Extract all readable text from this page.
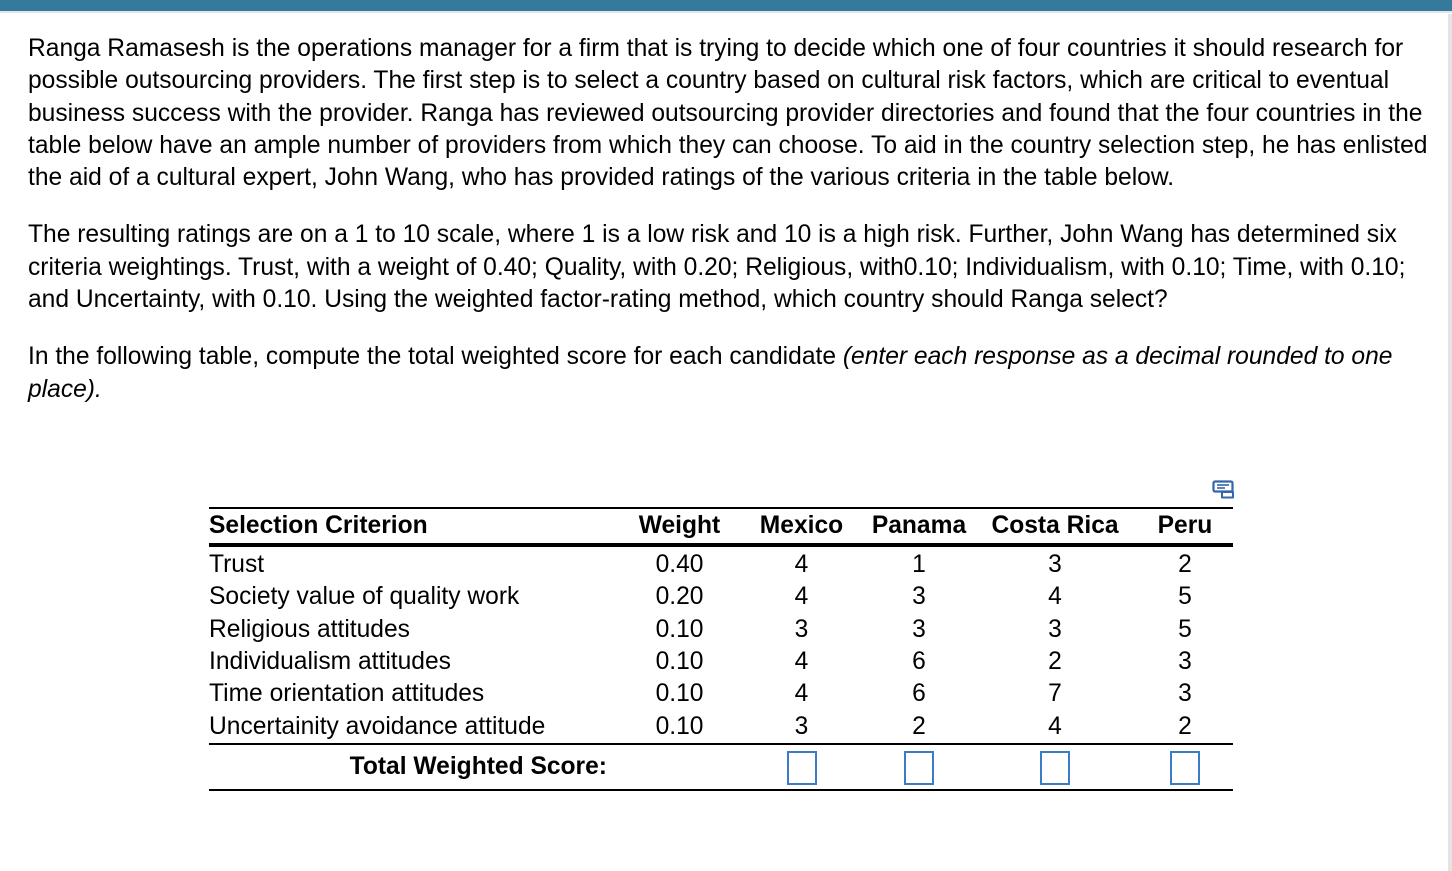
Ranga Ramasesh is the operations manager for a firm that is trying to decide which one of four countries it should research for possible outsourcing providers. The first step is to select a country based on cultural risk factors, which are critical to eventual business success with the provider. Ranga has reviewed outsourcing provider directories and found that the four countries in the table below have an ample number of providers from which they can choose. To aid in the country selection step, he has enlisted the aid of a cultural expert, John Wang, who has provided ratings of the various criteria in the table below.

The resulting ratings are on a 1 to 10 scale, where 1 is a low risk and 10 is a high risk. Further, John Wang has determined six criteria weightings. Trust, with a weight of 0.40; Quality, with 0.20; Religious, with0.10; Individualism, with 0.10; Time, with 0.10; and Uncertainty, with 0.10. Using the weighted factor-rating method, which country should Ranga select?

In the following table, compute the total weighted score for each candidate (enter each response as a decimal rounded to one place).

Selection Criterion	Weight	Mexico	Panama	Costa Rica	Peru
Trust	0.40	4	1	3	2
Society value of quality work	0.20	4	3	4	5
Religious attitudes	0.10	3	3	3	5
Individualism attitudes	0.10	4	6	2	3
Time orientation attitudes	0.10	4	6	7	3
Uncertainity avoidance attitude	0.10	3	2	4	2
Total Weighted Score:					
